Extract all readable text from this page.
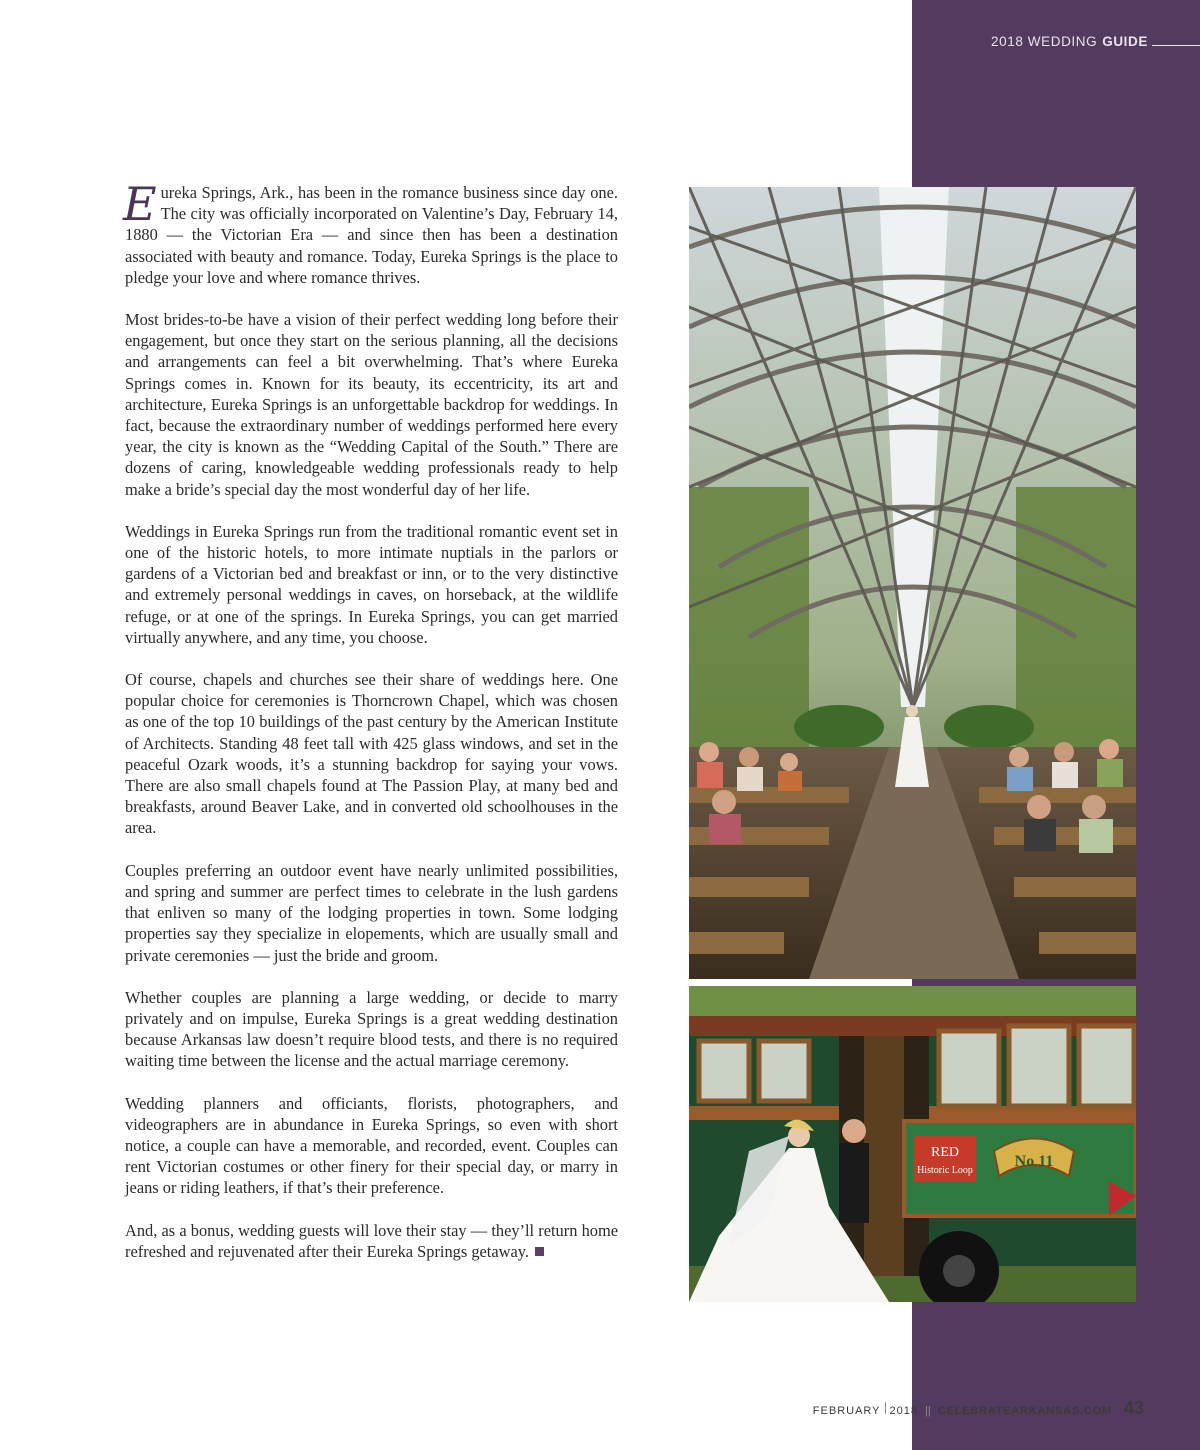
2018 WEDDING GUIDE

Eureka Springs, Ark., has been in the romance business since day one. The city was officially incorporated on Valentine’s Day, February 14, 1880 — the Victorian Era — and since then has been a destination associated with beauty and romance. Today, Eureka Springs is the place to pledge your love and where romance thrives.

Most brides-to-be have a vision of their perfect wedding long before their engagement, but once they start on the serious planning, all the decisions and arrangements can feel a bit overwhelming. That’s where Eureka Springs comes in. Known for its beauty, its eccentricity, its art and architecture, Eureka Springs is an unforgettable backdrop for weddings. In fact, because the extraordinary number of weddings performed here every year, the city is known as the “Wedding Capital of the South.” There are dozens of caring, knowledgeable wedding professionals ready to help make a bride’s special day the most wonderful day of her life.

Weddings in Eureka Springs run from the traditional romantic event set in one of the historic hotels, to more intimate nuptials in the parlors or gardens of a Victorian bed and breakfast or inn, or to the very distinctive and extremely personal weddings in caves, on horseback, at the wildlife refuge, or at one of the springs. In Eureka Springs, you can get married virtually anywhere, and any time, you choose.

Of course, chapels and churches see their share of weddings here. One popular choice for ceremonies is Thorncrown Chapel, which was chosen as one of the top 10 buildings of the past century by the American Institute of Architects. Standing 48 feet tall with 425 glass windows, and set in the peaceful Ozark woods, it’s a stunning backdrop for saying your vows. There are also small chapels found at The Passion Play, at many bed and breakfasts, around Beaver Lake, and in converted old schoolhouses in the area.

Couples preferring an outdoor event have nearly unlimited possibilities, and spring and summer are perfect times to celebrate in the lush gardens that enliven so many of the lodging properties in town. Some lodging properties say they specialize in elopements, which are usually small and private ceremonies — just the bride and groom.

Whether couples are planning a large wedding, or decide to marry privately and on impulse, Eureka Springs is a great wedding destination because Arkansas law doesn’t require blood tests, and there is no required waiting time between the license and the actual marriage ceremony.

Wedding planners and officiants, florists, photographers, and videographers are in abundance in Eureka Springs, so even with short notice, a couple can have a memorable, and recorded, event. Couples can rent Victorian costumes or other finery for their special day, or marry in jeans or riding leathers, if that’s their preference.

And, as a bonus, wedding guests will love their stay — they’ll return home refreshed and rejuvenated after their Eureka Springs getaway.

RED
Historic Loop
No 11
FEBRUARY 2018 || CELEBRATEARKANSAS.COM 43
